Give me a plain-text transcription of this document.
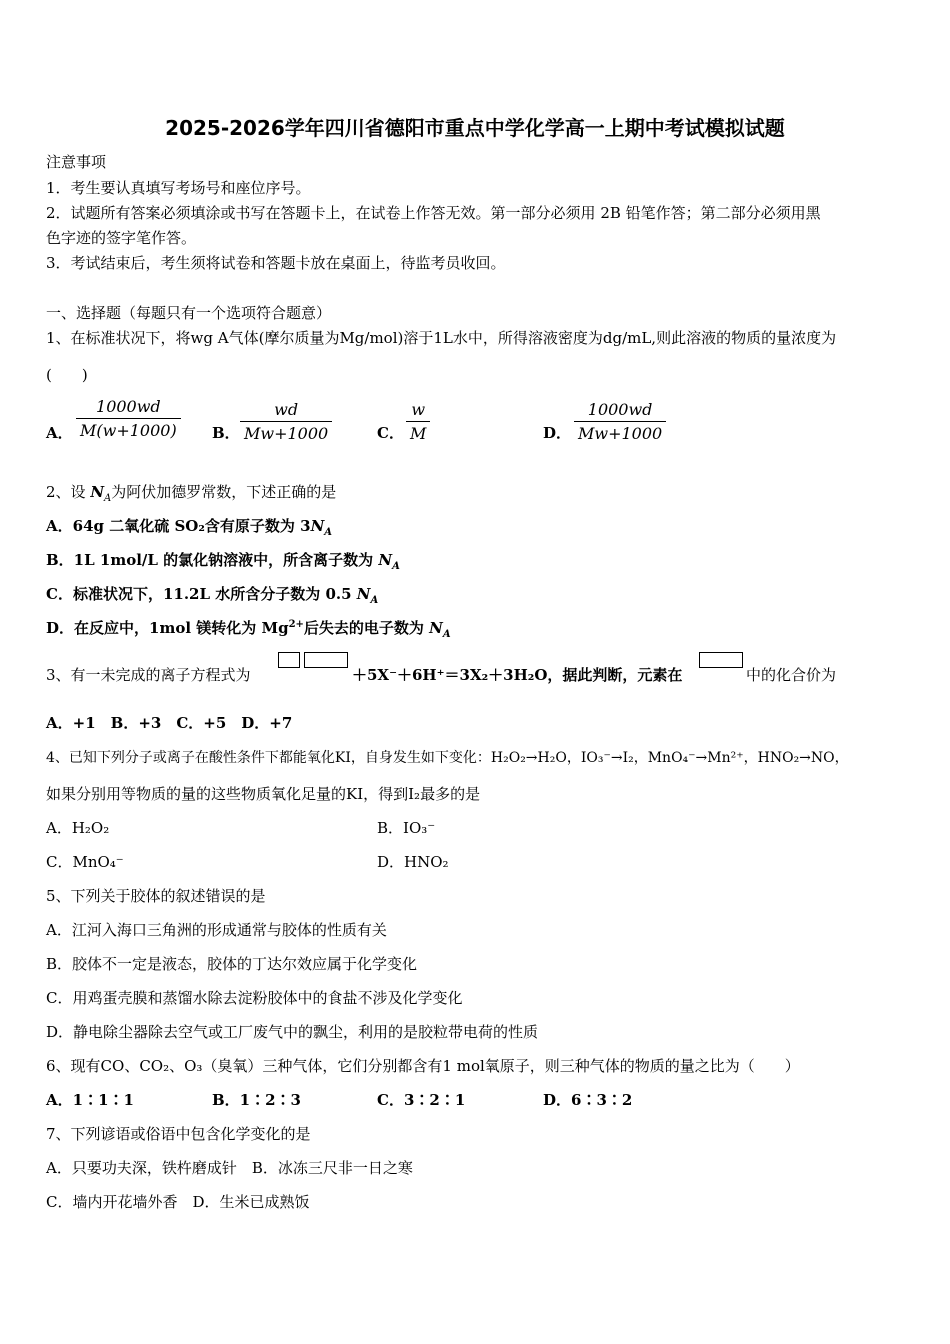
2025-2026学年四川省德阳市重点中学化学高一上期中考试模拟试题
注意事项
1．考生要认真填写考场号和座位序号。
2．试题所有答案必须填涂或书写在答题卡上，在试卷上作答无效。第一部分必须用 2B 铅笔作答；第二部分必须用黑
色字迹的签字笔作答。
3．考试结束后，考生须将试卷和答题卡放在桌面上，待监考员收回。
一、选择题（每题只有一个选项符合题意）
1、在标准状况下，将wg A气体(摩尔质量为Mg/mol)溶于1L水中，所得溶液密度为dg/mL,则此溶液的物质的量浓度为
(　　)
A．
1000wd
M(w+1000) B．
wd
Mw+1000	C．
w
M	D．
1000wd
Mw+1000
2、设 $N_A$为阿伏加德罗常数，下述正确的是
A．64g 二氧化硫 SO₂含有原子数为 $3N_A$
B．1L 1mol/L 的氯化钠溶液中，所含离子数为 $N_A$
C．标准状况下，11.2L 水所含分子数为 0.5 $N_A$
D．在反应中，1mol 镁转化为 $Mg^{2+}$后失去的电子数为 $N_A$
3、有一未完成的离子方程式为	＋5X⁻＋6H⁺＝3X₂＋3H₂O，据此判断，元素在	中的化合价为
A．+1　B．+3　C．+5　D．+7
4、已知下列分子或离子在酸性条件下都能氧化KI，自身发生如下变化：H₂O₂→H₂O，IO₃⁻→I₂，MnO₄⁻→Mn²⁺，HNO₂→NO，
如果分别用等物质的量的这些物质氧化足量的KI，得到I₂最多的是
A．H₂O₂	B．IO₃⁻
C．MnO₄⁻	D．HNO₂
5、下列关于胶体的叙述错误的是
A．江河入海口三角洲的形成通常与胶体的性质有关
B．胶体不一定是液态，胶体的丁达尔效应属于化学变化
C．用鸡蛋壳膜和蒸馏水除去淀粉胶体中的食盐不涉及化学变化
D．静电除尘器除去空气或工厂废气中的飘尘，利用的是胶粒带电荷的性质
6、现有CO、CO₂、O₃（臭氧）三种气体，它们分别都含有1 mol氧原子，则三种气体的物质的量之比为（　　）
A．1∶1∶1	B．1∶2∶3	C．3∶2∶1	D．6∶3∶2
7、下列谚语或俗语中包含化学变化的是
A．只要功夫深，铁杵磨成针　B．冰冻三尺非一日之寒
C．墙内开花墙外香　D．生米已成熟饭
